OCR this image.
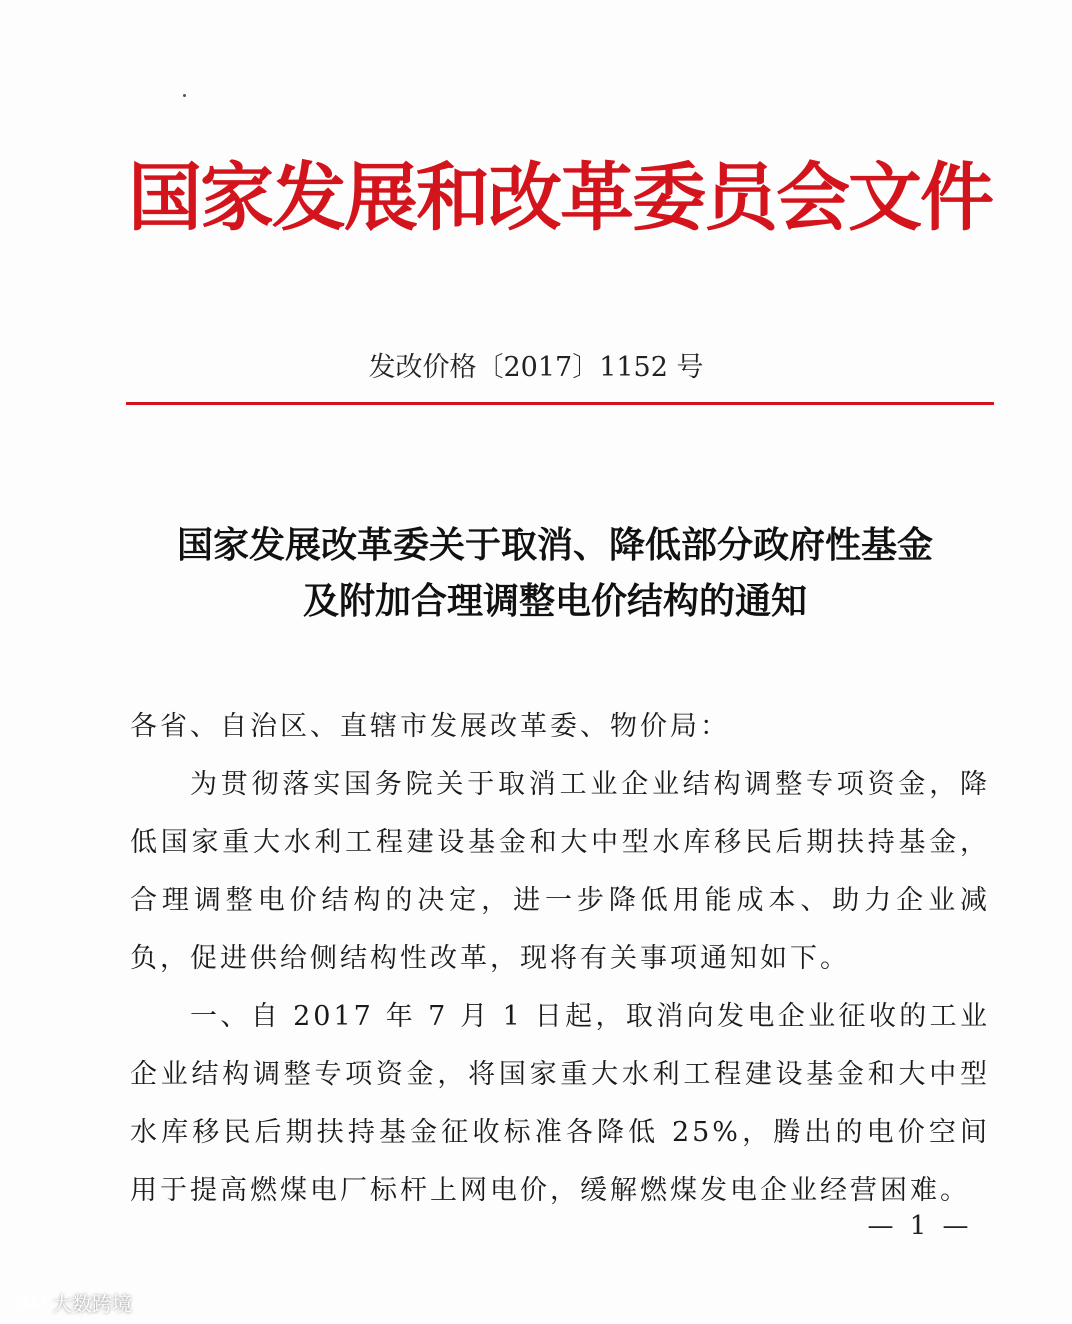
国家发展和改革委员会文件
发改价格〔2017〕1152 号
国家发展改革委关于取消、降低部分政府性基金
及附加合理调整电价结构的通知

各省、自治区、直辖市发展改革委、物价局：

为贯彻落实国务院关于取消工业企业结构调整专项资金，降低国家重大水利工程建设基金和大中型水库移民后期扶持基金，合理调整电价结构的决定，进一步降低用能成本、助力企业减负，促进供给侧结构性改革，现将有关事项通知如下。

一、自 2017 年 7 月 1 日起，取消向发电企业征收的工业企业结构调整专项资金，将国家重大水利工程建设基金和大中型水库移民后期扶持基金征收标准各降低 25%，腾出的电价空间用于提高燃煤电厂标杆上网电价，缓解燃煤发电企业经营困难。

— 1 —
大数跨境
